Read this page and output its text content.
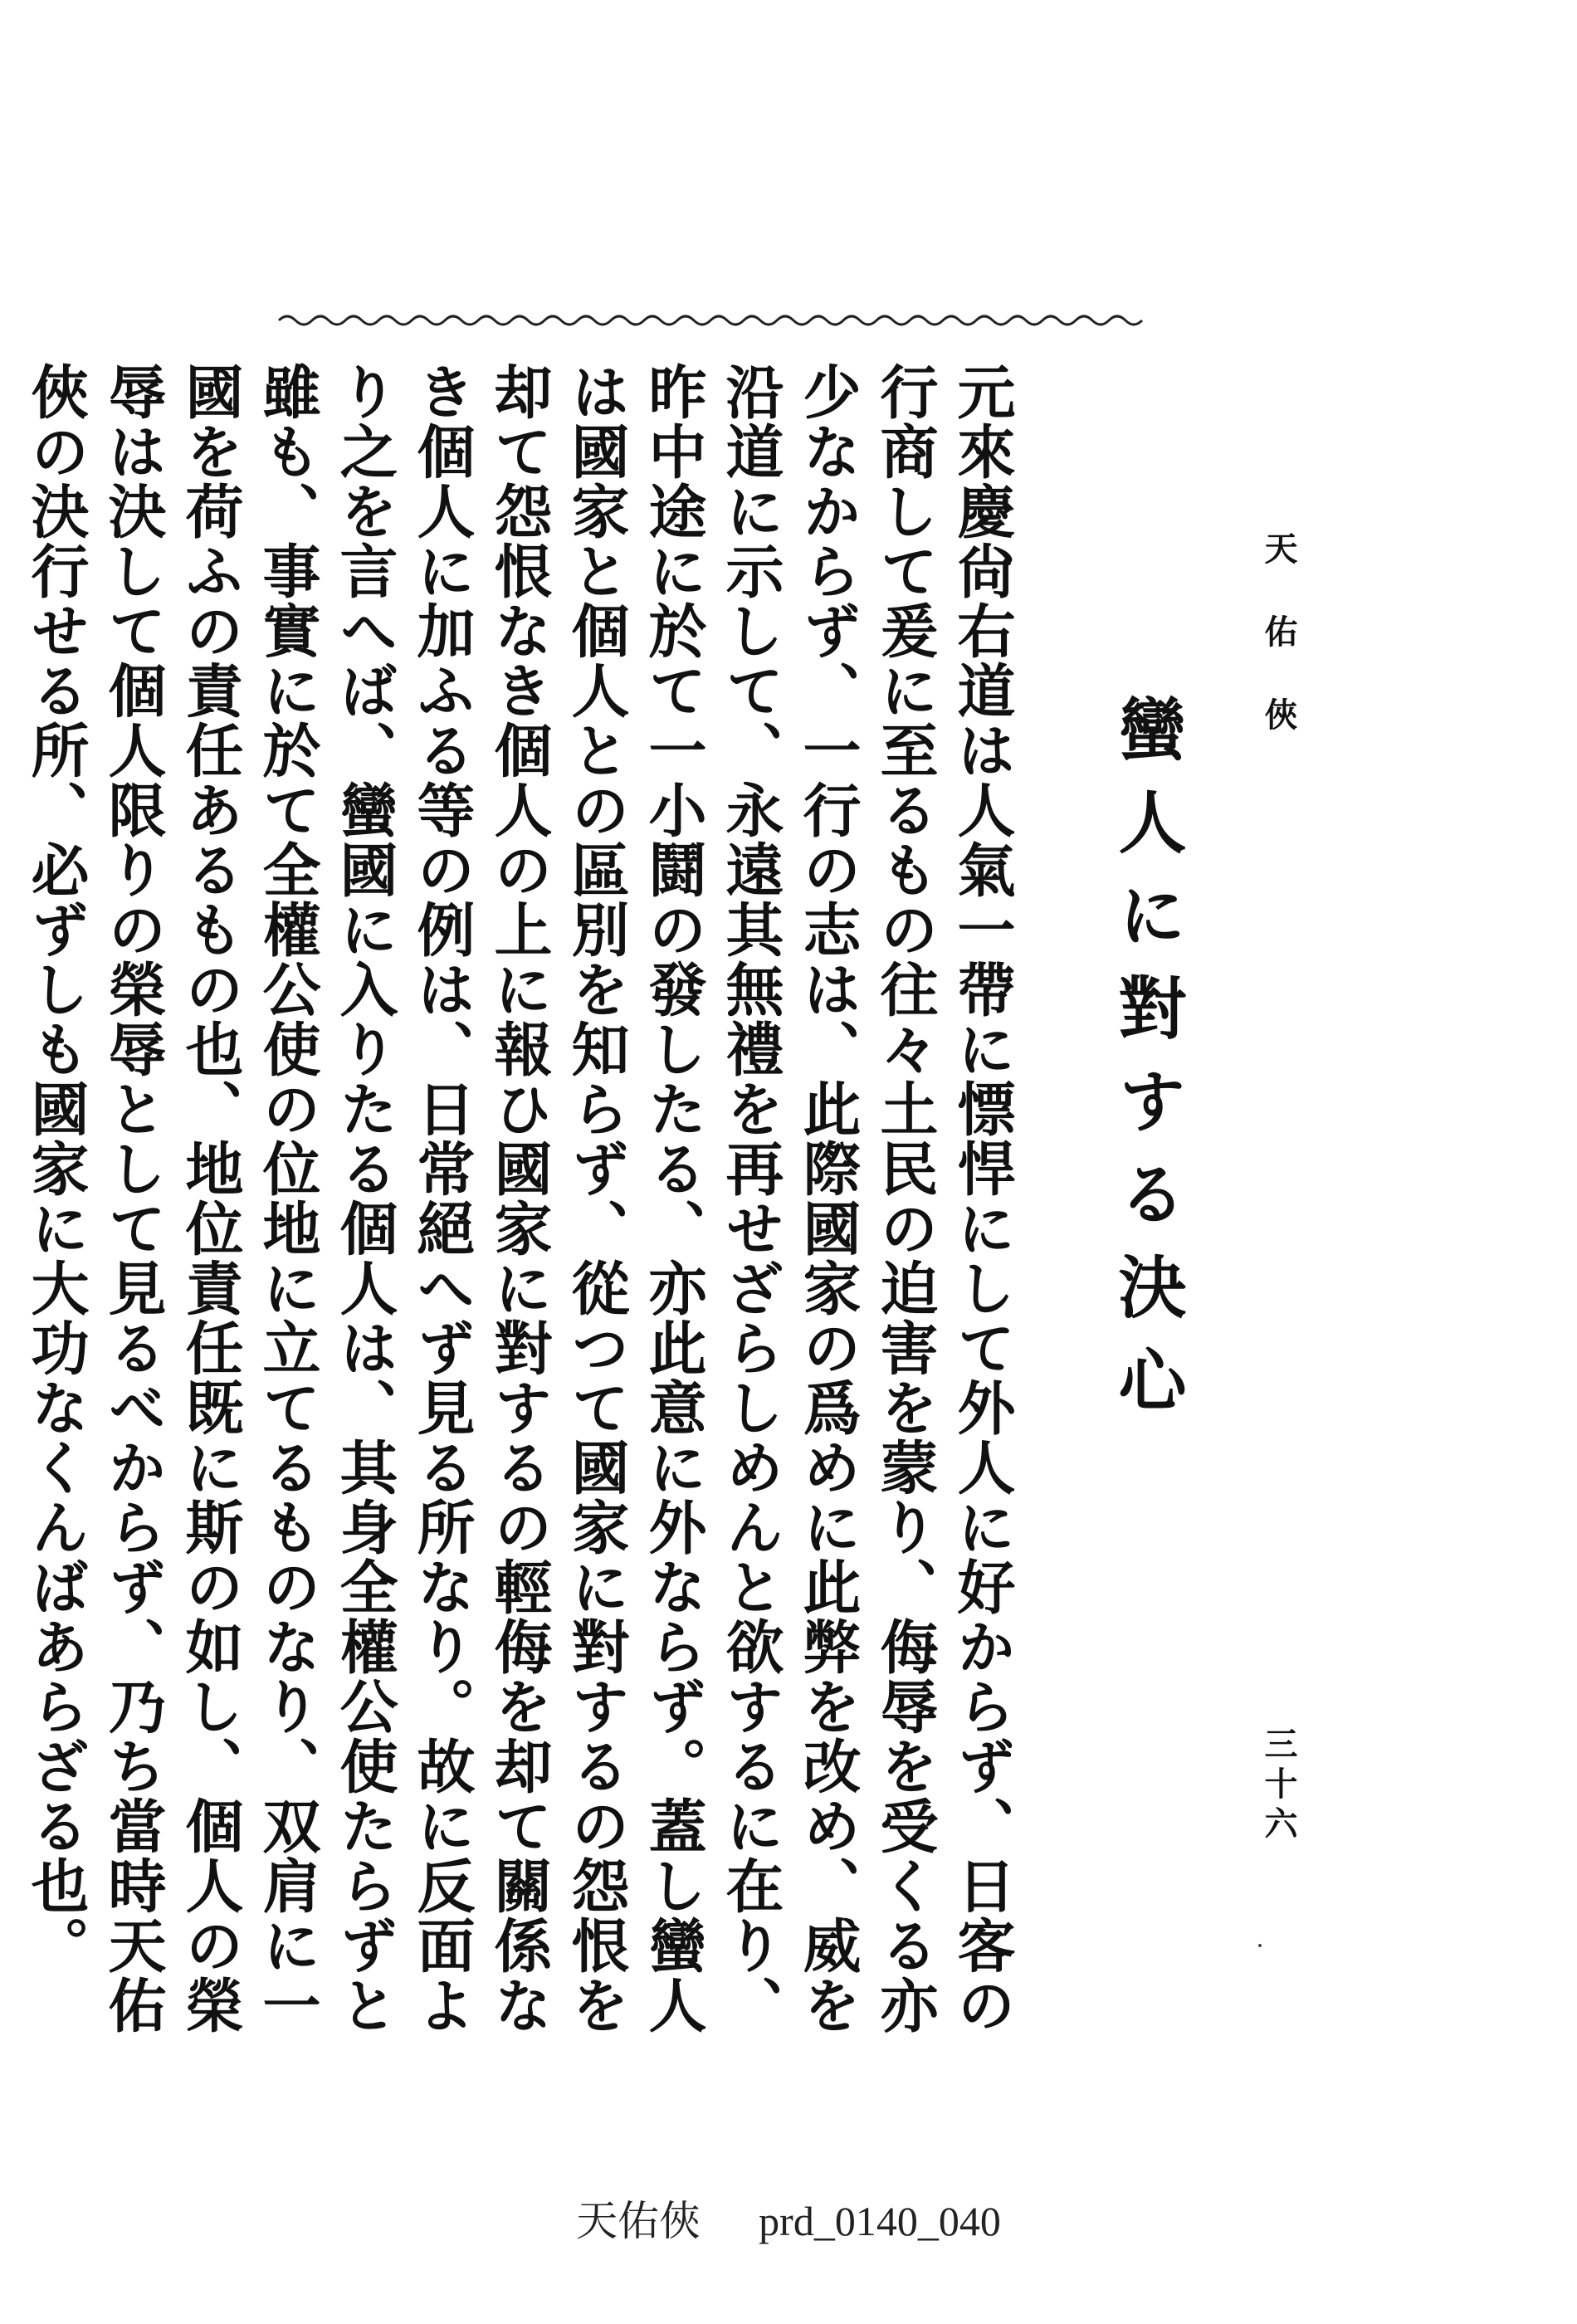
天佑俠
蠻人に對する決心

元來慶尙右道は人氣一帶に慓悍にして外人に好からず、日客の行商して爰に至るもの往々土民の迫害を蒙り、侮辱を受くる亦少なからず、一行の志は、此際國家の爲めに此弊を改め、威を沿道に示して、永遠其無禮を再せざらしめんと欲するに在り、昨中途に於て一小鬪の發したる、亦此意に外ならず。蓋し蠻人は國家と個人との區別を知らず、從つて國家に對するの怨恨を却て怨恨なき個人の上に報ひ國家に對するの輕侮を却て關係なき個人に加ふる等の例は、日常絕へず見る所なり。故に反面より之を言へば、蠻國に入りたる個人は、其身全權公使たらずと雖も、事實に於て全權公使の位地に立てるものなり、双肩に一國を荷ふの責任あるもの也、地位責任既に斯の如し、個人の榮辱は決して個人限りの榮辱として見るべからず、乃ち當時天佑俠の決行せる所、必ずしも國家に大功なくんばあらざる也。	三十六
天佑俠 prd_0140_040
